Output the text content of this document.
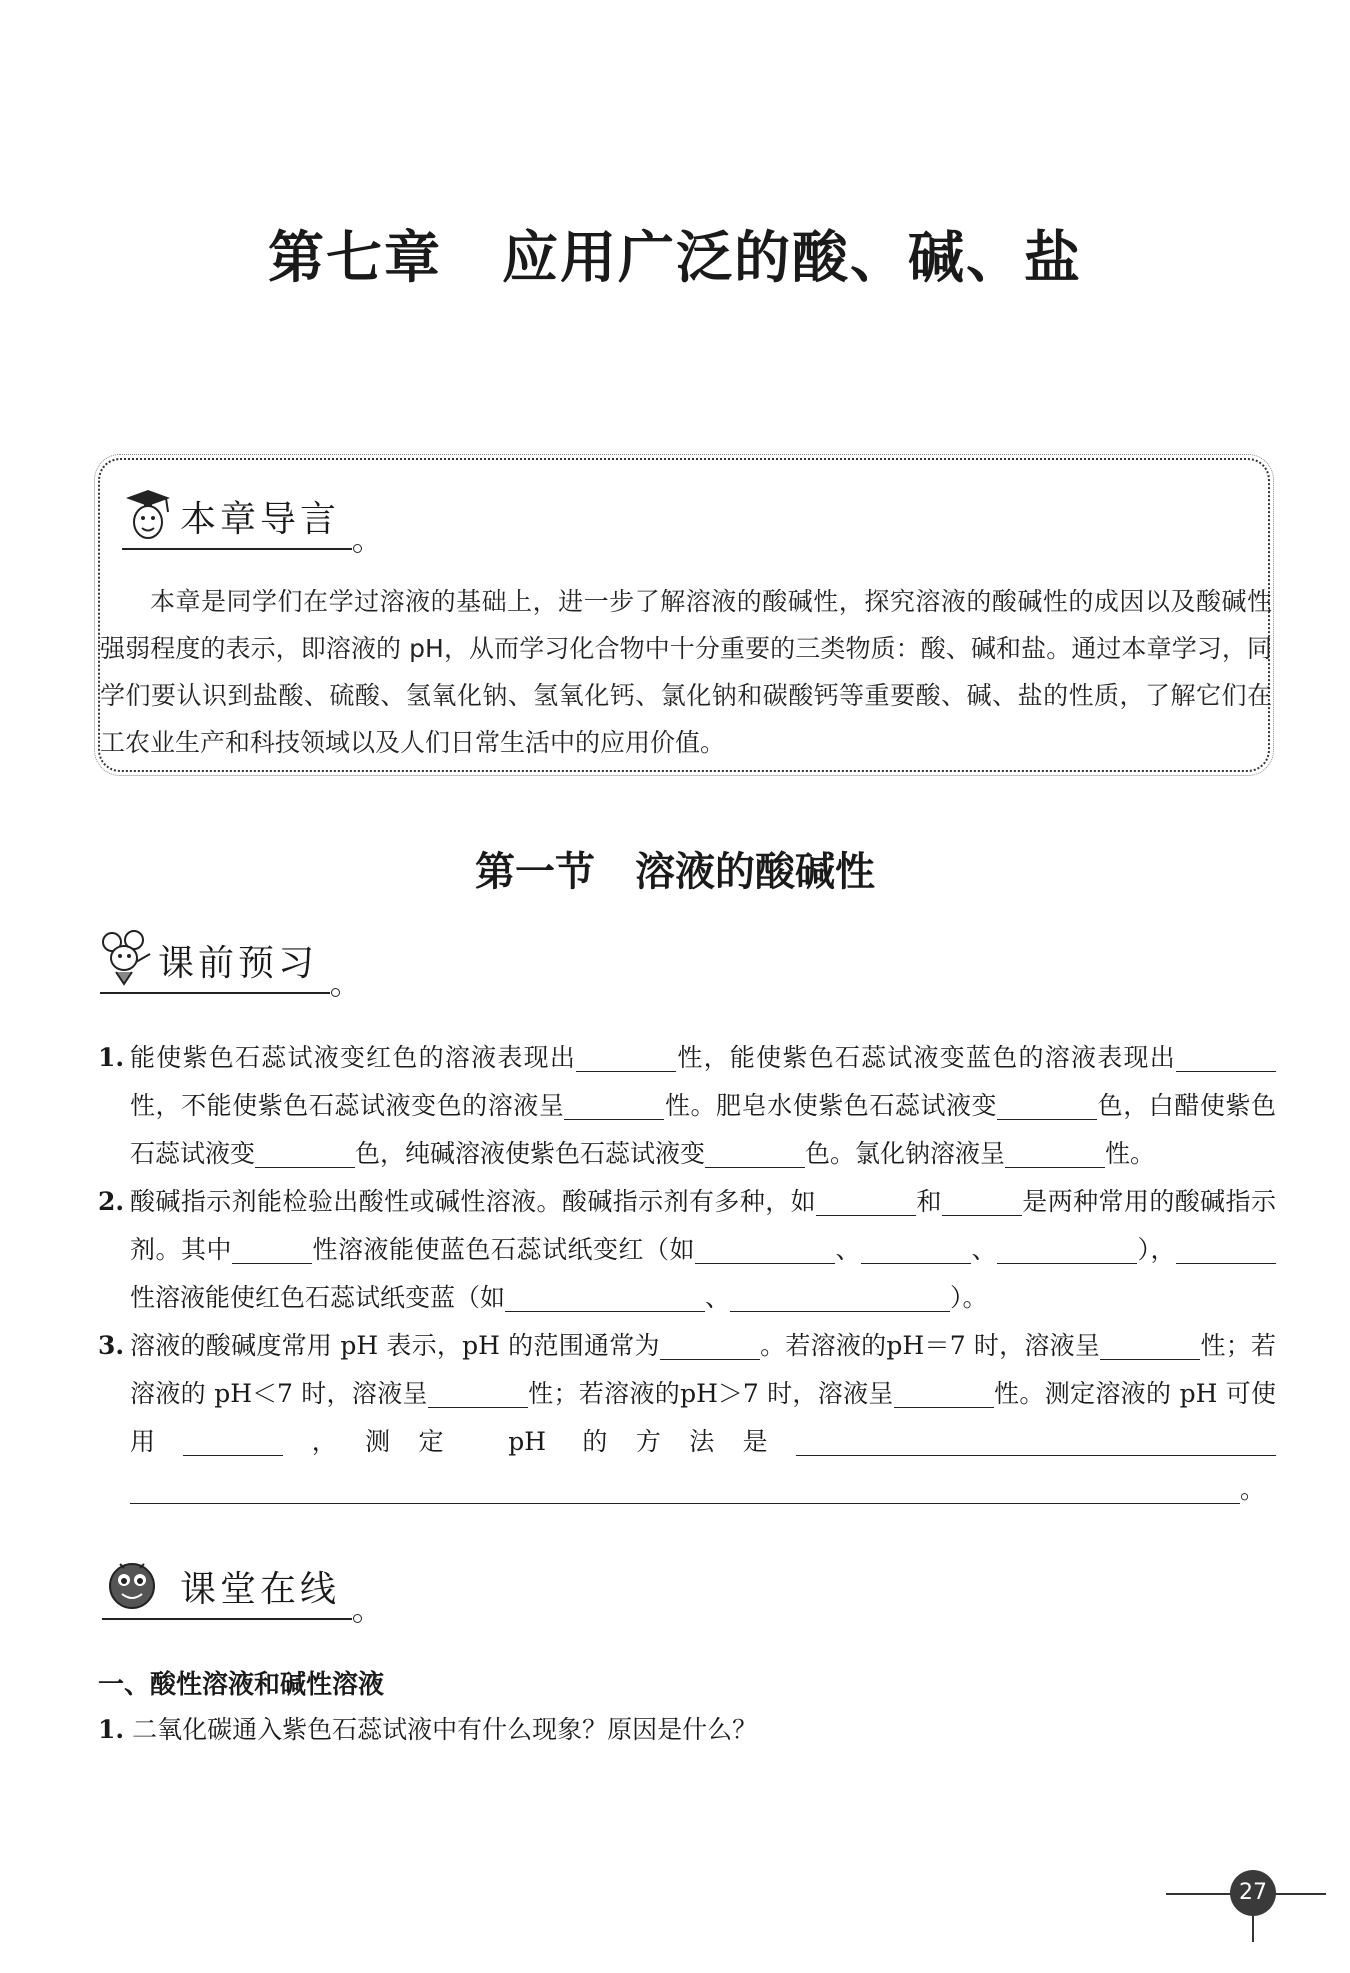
第七章 应用广泛的酸、碱、盐
本章导言

本章是同学们在学过溶液的基础上，进一步了解溶液的酸碱性，探究溶液的酸碱性的成因以及酸碱性强弱程度的表示，即溶液的 pH，从而学习化合物中十分重要的三类物质：酸、碱和盐。通过本章学习，同学们要认识到盐酸、硫酸、氢氧化钠、氢氧化钙、氯化钠和碳酸钙等重要酸、碱、盐的性质，了解它们在工农业生产和科技领域以及人们日常生活中的应用价值。

第一节 溶液的酸碱性
课前预习
1. 能使紫色石蕊试液变红色的溶液表现出	性，能使紫色石蕊试液变蓝色的溶液表现出性，不能使紫色石蕊试液变色的溶液呈	性。肥皂水使紫色石蕊试液变	色，白醋使紫色石蕊试液变	色，纯碱溶液使紫色石蕊试液变	色。氯化钠溶液呈	性。
2. 酸碱指示剂能检验出酸性或碱性溶液。酸碱指示剂有多种，如	和	是两种常用的酸碱指示剂。其中	性溶液能使蓝色石蕊试纸变红（如	、	、	），性溶液能使红色石蕊试纸变蓝（如	、	）。
3. 溶液的酸碱度常用 pH 表示，pH 的范围通常为	。若溶液的pH＝7 时，溶液呈	性；若溶液的 pH＜7 时，溶液呈	性；若溶液的pH＞7 时，溶液呈	性。测定溶液的 pH 可使用	，测定 pH 的方法是。
课堂在线
一、酸性溶液和碱性溶液
1. 二氧化碳通入紫色石蕊试液中有什么现象？原因是什么？
27
